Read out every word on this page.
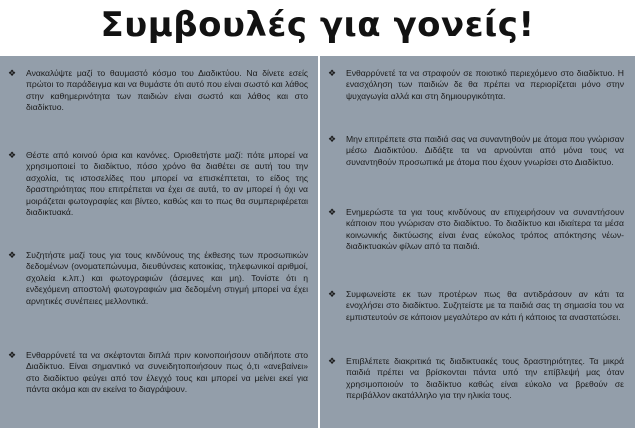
Συμβουλές για γονείς!
❖ Ανακαλύψτε μαζί το θαυμαστό κόσμο του Διαδικτύου. Να δίνετε εσείς πρώτοι το παράδειγμα και να θυμάστε ότι αυτό που είναι σωστό και λάθος στην καθημερινότητα των παιδιών είναι σωστό και λάθος και στο διαδίκτυο.
❖ Θέστε από κοινού όρια και κανόνες. Οριοθετήστε μαζί: πότε μπορεί να χρησιμοποιεί το διαδίκτυο, πόσο χρόνο θα διαθέτει σε αυτή του την ασχολία, τις ιστοσελίδες που μπορεί να επισκέπτεται, το είδος της δραστηριότητας που επιτρέπεται να έχει σε αυτά, το αν μπορεί ή όχι να μοιράζεται φωτογραφίες και βίντεο, καθώς και το πως θα συμπεριφέρεται διαδικτυακά.
❖ Συζητήστε μαζί τους για τους κινδύνους της έκθεσης των προσωπικών δεδομένων (ονοματεπώνυμα, διευθύνσεις κατοικίας, τηλεφωνικοί αριθμοί, σχολεία κ.λπ.) και φωτογραφιών (άσεμνες και μη). Τονίστε ότι η ενδεχόμενη αποστολή φωτογραφιών μια δεδομένη στιγμή μπορεί να έχει αρνητικές συνέπειες μελλοντικά.
❖ Ενθαρρύνετέ τα να σκέφτονται διπλά πριν κοινοποιήσουν οτιδήποτε στο Διαδίκτυο. Είναι σημαντικό να συνειδητοποιήσουν πως ό,τι «ανεβαίνει» στο διαδίκτυο φεύγει από τον έλεγχό τους και μπορεί να μείνει εκεί για πάντα ακόμα και αν εκείνα το διαγράψουν.
❖ Ενθαρρύνετέ τα να στραφούν σε ποιοτικό περιεχόμενο στο διαδίκτυο. Η ενασχόληση των παιδιών δε θα πρέπει να περιορίζεται μόνο στην ψυχαγωγία αλλά και στη δημιουργικότητα.
❖ Μην επιτρέπετε στα παιδιά σας να συναντηθούν με άτομα που γνώρισαν μέσω Διαδικτύου. Διδάξτε τα να αρνούνται από μόνα τους να συναντηθούν προσωπικά με άτομα που έχουν γνωρίσει στο Διαδίκτυο.
❖ Ενημερώστε τα για τους κινδύνους αν επιχειρήσουν να συναντήσουν κάποιον που γνώρισαν στο διαδίκτυο. Το διαδίκτυο και ιδιαίτερα τα μέσα κοινωνικής δικτύωσης είναι ένας εύκολος τρόπος απόκτησης νέων-διαδικτυακών φίλων από τα παιδιά.
❖ Συμφωνείστε εκ των προτέρων πως θα αντιδράσουν αν κάτι τα ενοχλήσει στο διαδίκτυο. Συζητείστε με τα παιδιά σας τη σημασία του να εμπιστευτούν σε κάποιον μεγαλύτερο αν κάτι ή κάποιος τα αναστατώσει.
❖ Επιβλέπετε διακριτικά τις διαδικτυακές τους δραστηριότητες. Τα μικρά παιδιά πρέπει να βρίσκονται πάντα υπό την επίβλεψή μας όταν χρησιμοποιούν το διαδίκτυο καθώς είναι εύκολο να βρεθούν σε περιβάλλον ακατάλληλο για την ηλικία τους.
